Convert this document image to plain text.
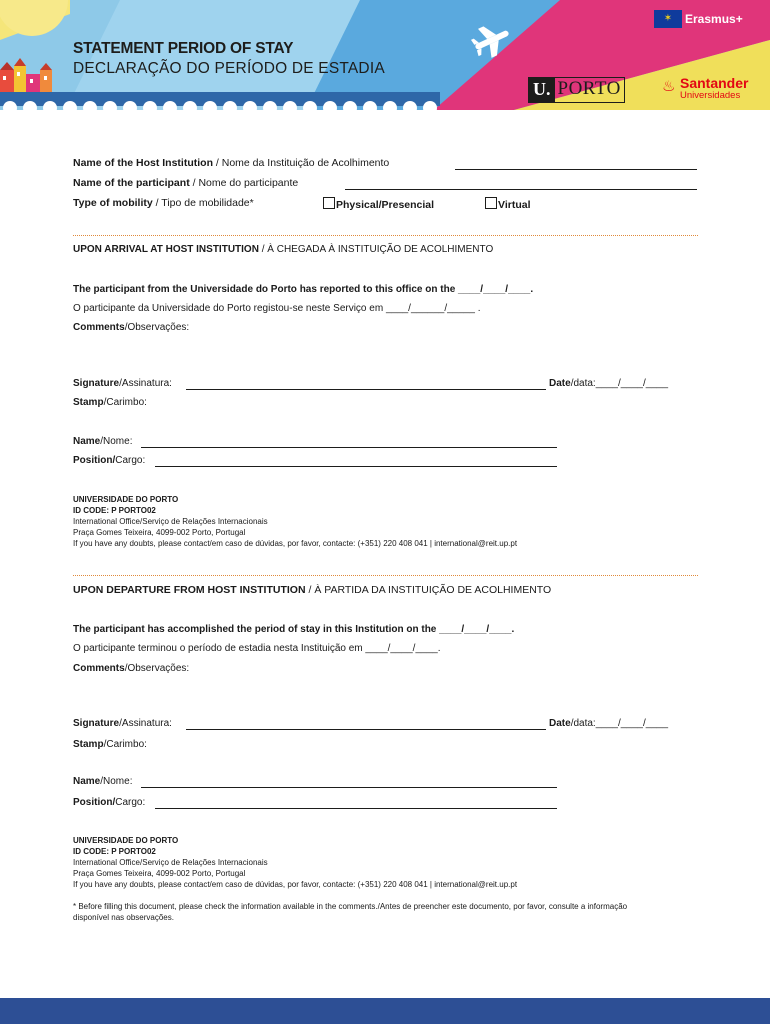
STATEMENT PERIOD OF STAY
DECLARAÇÃO DO PERÍODO DE ESTADIA
✶ Erasmus+
U. PORTO	♨ Santander
Universidades
Name of the Host Institution / Nome da Instituição de Acolhimento
Name of the participant / Nome do participante
Type of mobility / Tipo de mobilidade*	Physical/Presencial	Virtual
UPON ARRIVAL AT HOST INSTITUTION / À CHEGADA À INSTITUIÇÃO DE ACOLHIMENTO
The participant from the Universidade do Porto has reported to this office on the ____/____/____.
O participante da Universidade do Porto registou-se neste Serviço em ____/______/_____ .
Comments/Observações:
Signature/Assinatura:	Date/data:____/____/____
Stamp/Carimbo:
Name/Nome:
Position/Cargo:
UNIVERSIDADE DO PORTO
ID CODE: P PORTO02
International Office/Serviço de Relações Internacionais
Praça Gomes Teixeira, 4099-002 Porto, Portugal
If you have any doubts, please contact/em caso de dúvidas, por favor, contacte: (+351) 220 408 041 | international@reit.up.pt
UPON DEPARTURE FROM HOST INSTITUTION / À PARTIDA DA INSTITUIÇÃO DE ACOLHIMENTO
The participant has accomplished the period of stay in this Institution on the ____/____/____.
O participante terminou o período de estadia nesta Instituição em ____/____/____.
Comments/Observações:
Signature/Assinatura:	Date/data:____/____/____
Stamp/Carimbo:
Name/Nome:
Position/Cargo:
UNIVERSIDADE DO PORTO
ID CODE: P PORTO02
International Office/Serviço de Relações Internacionais
Praça Gomes Teixeira, 4099-002 Porto, Portugal
If you have any doubts, please contact/em caso de dúvidas, por favor, contacte: (+351) 220 408 041 | international@reit.up.pt
* Before filling this document, please check the information available in the comments./Antes de preencher este documento, por favor, consulte a informação
disponível nas observações.
